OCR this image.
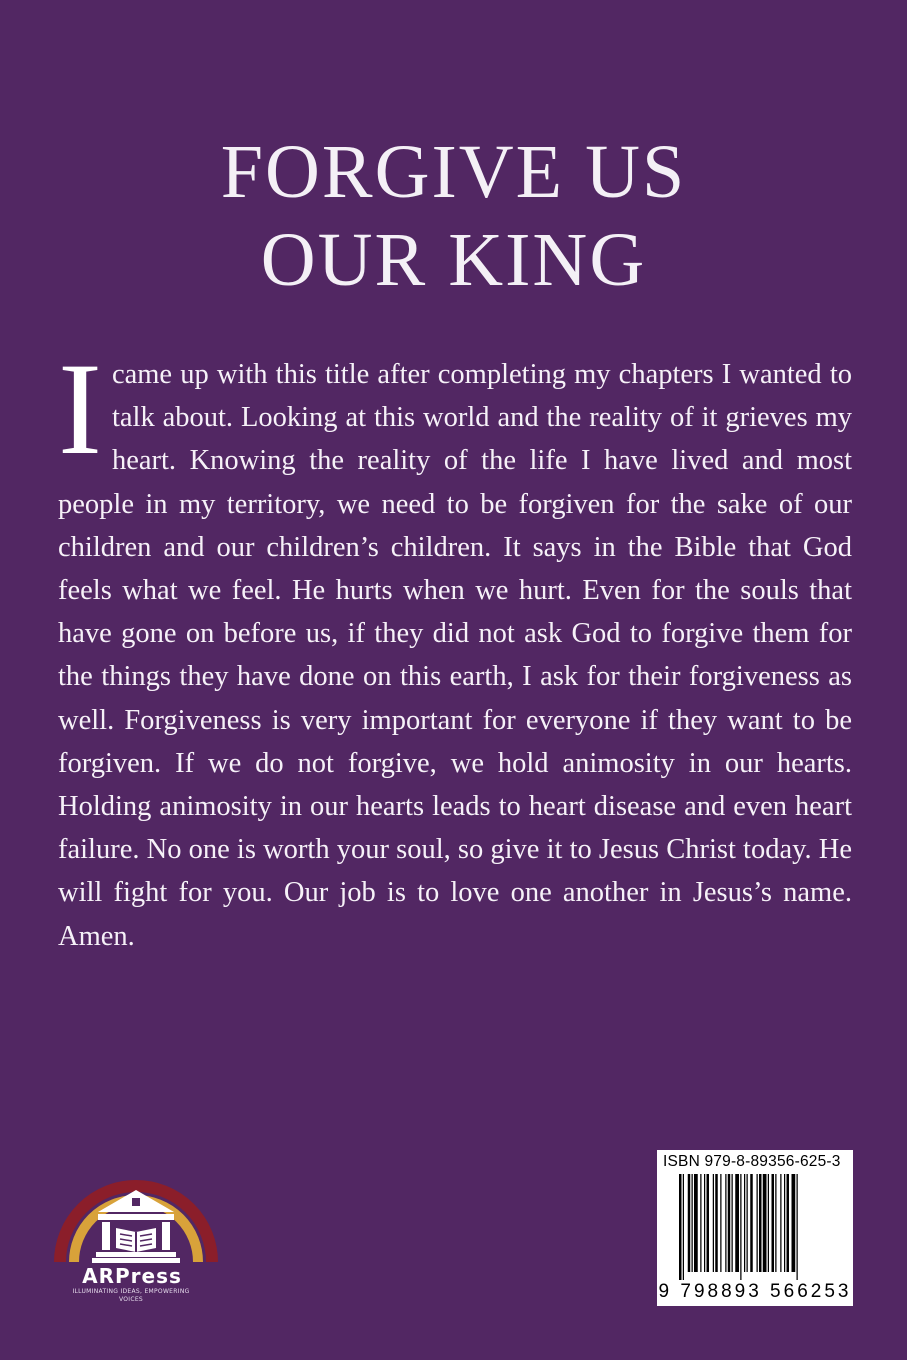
FORGIVE US
OUR KING
I came up with this title after completing my chapters I wanted to talk about. Looking at this world and the reality of it grieves my heart. Knowing the reality of the life I have lived and most people in my territory, we need to be forgiven for the sake of our children and our children’s children. It says in the Bible that God feels what we feel. He hurts when we hurt. Even for the souls that have gone on before us, if they did not ask God to forgive them for the things they have done on this earth, I ask for their forgiveness as well. Forgiveness is very important for everyone if they want to be forgiven. If we do not forgive, we hold animosity in our hearts. Holding animosity in our hearts leads to heart disease and even heart failure. No one is worth your soul, so give it to Jesus Christ today. He will fight for you. Our job is to love one another in Jesus’s name. Amen.
ARPress
ILLUMINATING IDEAS, EMPOWERING VOICES
ISBN 979-8-89356-625-3
9 798893 566253
